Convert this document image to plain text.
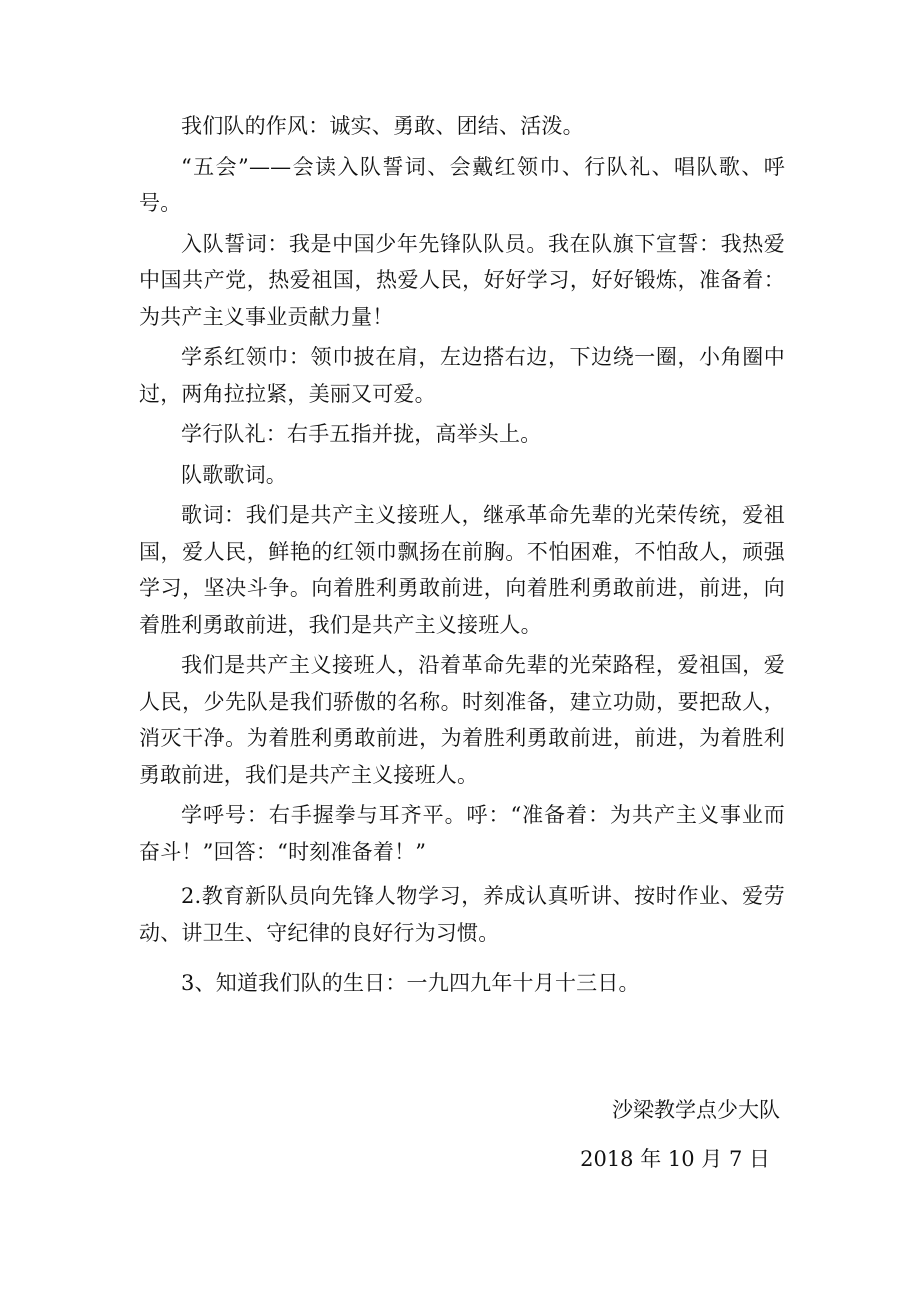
我们队的作风：诚实、勇敢、团结、活泼。

“五会”——会读入队誓词、会戴红领巾、行队礼、唱队歌、呼号。

入队誓词：我是中国少年先锋队队员。我在队旗下宣誓：我热爱中国共产党，热爱祖国，热爱人民，好好学习，好好锻炼，准备着：为共产主义事业贡献力量！

学系红领巾：领巾披在肩，左边搭右边，下边绕一圈，小角圈中过，两角拉拉紧，美丽又可爱。

学行队礼：右手五指并拢，高举头上。

队歌歌词。

歌词：我们是共产主义接班人，继承革命先辈的光荣传统，爱祖国，爱人民，鲜艳的红领巾飘扬在前胸。不怕困难，不怕敌人，顽强学习，坚决斗争。向着胜利勇敢前进，向着胜利勇敢前进，前进，向着胜利勇敢前进，我们是共产主义接班人。

我们是共产主义接班人，沿着革命先辈的光荣路程，爱祖国，爱人民，少先队是我们骄傲的名称。时刻准备，建立功勋，要把敌人，消灭干净。为着胜利勇敢前进，为着胜利勇敢前进，前进，为着胜利勇敢前进，我们是共产主义接班人。

学呼号：右手握拳与耳齐平。呼：“准备着：为共产主义事业而奋斗！”回答：“时刻准备着！”

2.教育新队员向先锋人物学习，养成认真听讲、按时作业、爱劳动、讲卫生、守纪律的良好行为习惯。

3、知道我们队的生日：一九四九年十月十三日。

沙梁教学点少大队

2018 年 10 月 7 日
